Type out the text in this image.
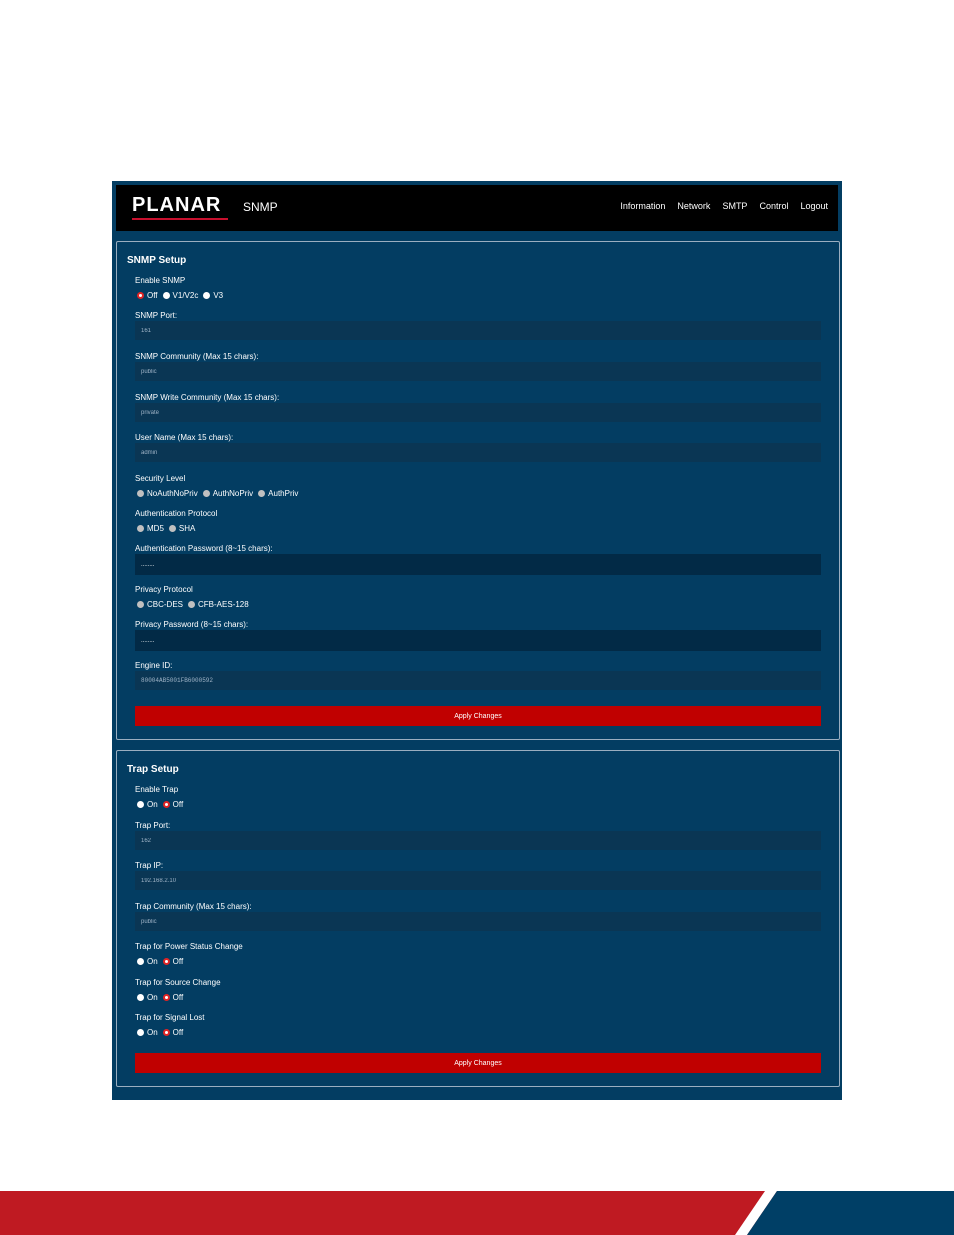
PLANAR SNMP	Information Network SMTP Control Logout
SNMP Setup
Enable SNMP
Off V1/V2c V3
SNMP Port:
161
SNMP Community (Max 15 chars):
public
SNMP Write Community (Max 15 chars):
private
User Name (Max 15 chars):
admin
Security Level
NoAuthNoPriv AuthNoPriv AuthPriv
Authentication Protocol
MD5 SHA
Authentication Password (8~15 chars):
........
Privacy Protocol
CBC-DES CFB-AES-128
Privacy Password (8~15 chars):
........
Engine ID:
80004AB5001FB6000592
Apply Changes
Trap Setup
Enable Trap
On Off
Trap Port:
162
Trap IP:
192.168.2.10
Trap Community (Max 15 chars):
public
Trap for Power Status Change
On Off
Trap for Source Change
On Off
Trap for Signal Lost
On Off
Apply Changes
